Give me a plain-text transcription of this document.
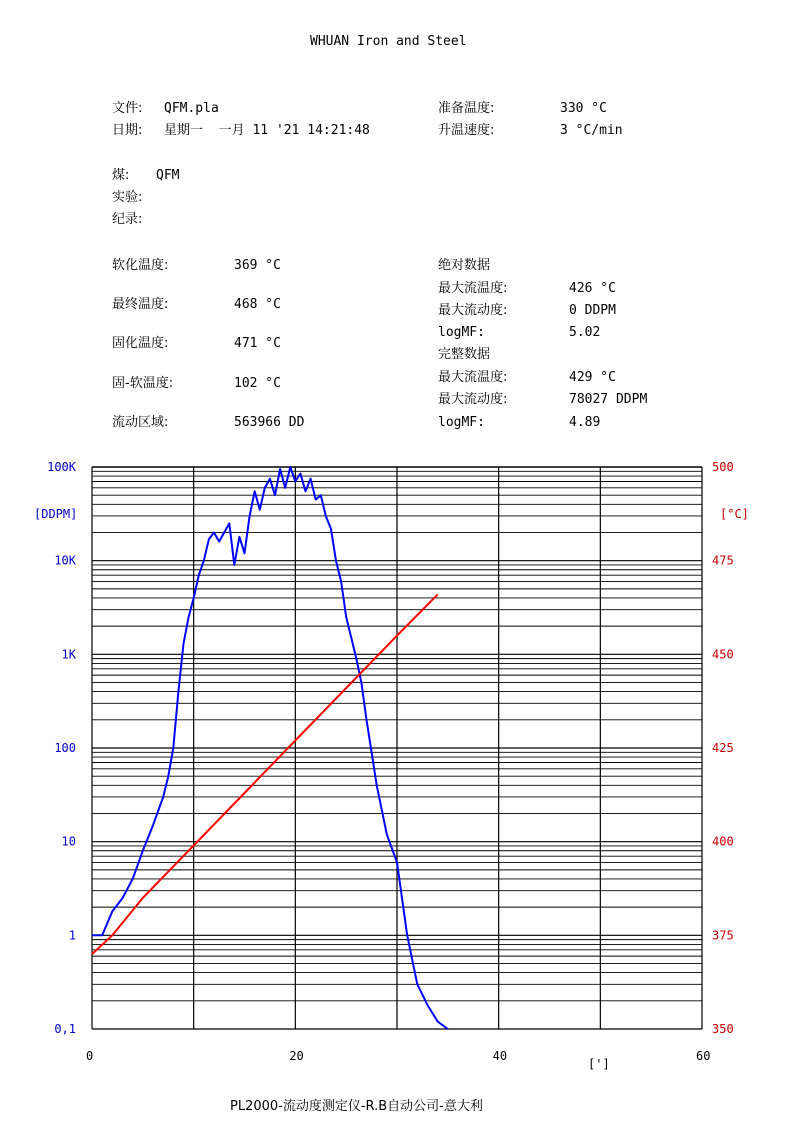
WHUAN Iron and Steel
文件: QFM.pla
日期: 星期一  一月 11 '21 14:21:48
准备温度:	330 °C
升温速度:	3 °C/min
煤: QFM
实验:
纪录:
软化温度:	369 °C
最终温度:	468 °C
固化温度:	471 °C
固-软温度:	102 °C
流动区域:	563966 DD
绝对数据
最大流温度:	426 °C
最大流动度:	0 DDPM
logMF:	5.02
完整数据
最大流温度:	429 °C
最大流动度:	78027 DDPM
logMF:	4.89
[DDPM]	[°C]
[']
0,1
1
10
100
1K
10K
100K
350
375
400
425
450
475
500
0	20	40	60
PL2000-流动度测定仪-R.B自动公司-意大利
